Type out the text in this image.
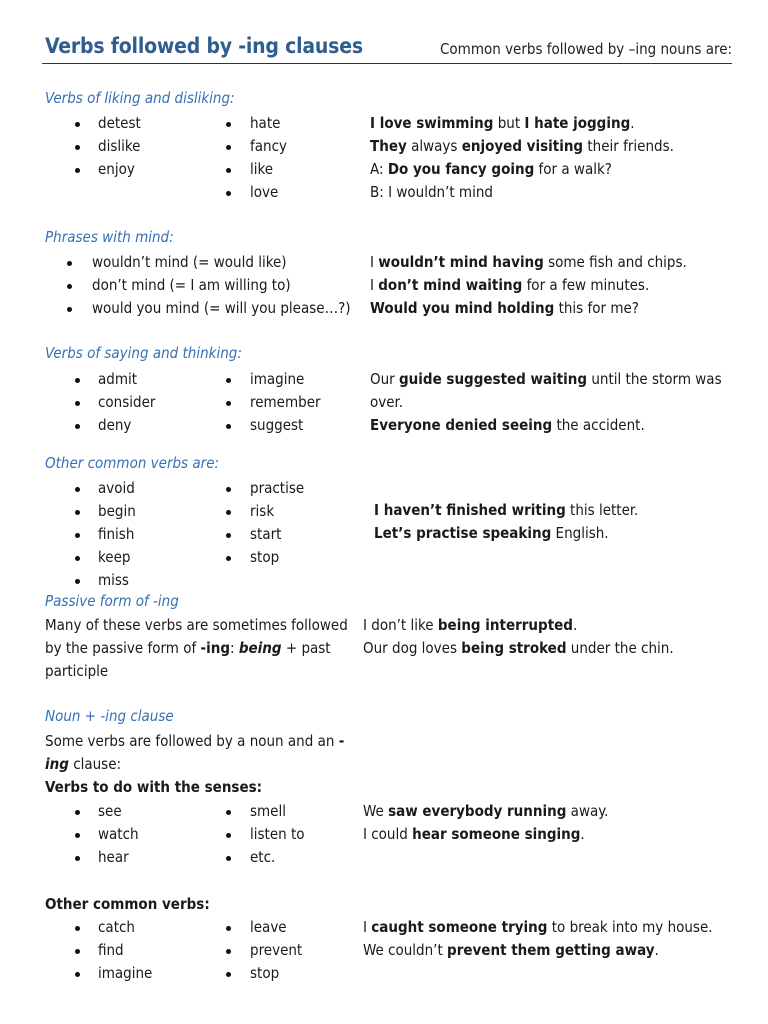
Verbs followed by -ing clauses	Common verbs followed by –ing nouns are:
Verbs of liking and disliking:
detest
dislike
enjoy
hate
fancy
like
love
I love swimming but I hate jogging.
They always enjoyed visiting their friends.
A: Do you fancy going for a walk?
B: I wouldn’t mind
Phrases with mind:
wouldn’t mind (= would like)
don’t mind (= I am willing to)
would you mind (= will you please…?)
I wouldn’t mind having some fish and chips.
I don’t mind waiting for a few minutes.
Would you mind holding this for me?
Verbs of saying and thinking:
admit
consider
deny
imagine
remember
suggest
Our guide suggested waiting until the storm was
over.
Everyone denied seeing the accident.
Other common verbs are:
avoid
begin
finish
keep
miss
practise
risk
start
stop
I haven’t finished writing this letter.
Let’s practise speaking English.
Passive form of -ing
Many of these verbs are sometimes followed
by the passive form of -ing: being + past
participle
I don’t like being interrupted.
Our dog loves being stroked under the chin.
Noun + -ing clause
Some verbs are followed by a noun and an -
ing clause:
Verbs to do with the senses:
see
watch
hear
smell
listen to
etc.
We saw everybody running away.
I could hear someone singing.
Other common verbs:
catch
find
imagine
leave
prevent
stop
I caught someone trying to break into my house.
We couldn’t prevent them getting away.
